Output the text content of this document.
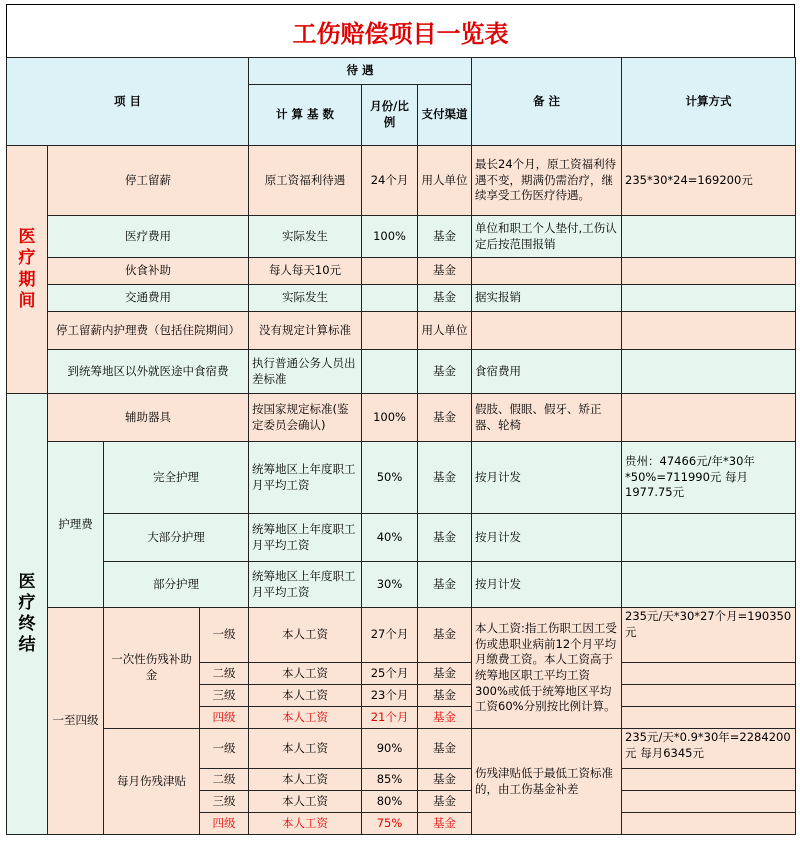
工伤赔偿项目一览表
项 目				待 遇			备 注	计算方式
				计 算 基 数	月份/比例	支付渠道		

医疗期间	停工留薪			原工资福利待遇	24个月	用人单位	最长24个月，原工资福利待遇不变，期满仍需治疗，继续享受工伤医疗待遇。	235*30*24=169200元
	医疗费用			实际发生	100%	基金	单位和职工个人垫付,工伤认定后按范围报销	
	伙食补助			每人每天10元		基金		
	交通费用			实际发生		基金	据实报销	
	停工留薪内护理费（包括住院期间）			没有规定计算标准		用人单位		
	到统筹地区以外就医途中食宿费			执行普通公务人员出差标准		基金	食宿费用	

医疗终结	辅助器具			按国家规定标准(鉴定委员会确认)	100%	基金	假肢、假眼、假牙、矫正器、轮椅	
	护理费	完全护理		统筹地区上年度职工月平均工资	50%	基金	按月计发	贵州：47466元/年*30年*50%=711990元 每月1977.75元
		大部分护理		统筹地区上年度职工月平均工资	40%	基金	按月计发	
		部分护理		统筹地区上年度职工月平均工资	30%	基金	按月计发	
	一至四级	一次性伤残补助金	一级	本人工资	27个月	基金	本人工资:指工伤职工因工受伤或患职业病前12个月平均月缴费工资。本人工资高于统筹地区职工平均工资300%或低于统筹地区平均工资60%分别按比例计算。	235元/天*30*27个月=190350元
			二级	本人工资	25个月	基金		
			三级	本人工资	23个月	基金		
			四级	本人工资	21个月	基金		
		每月伤残津贴	一级	本人工资	90%	基金	伤残津贴低于最低工资标准的，由工伤基金补差	235元/天*0.9*30年=2284200元 每月6345元
			二级	本人工资	85%	基金		
			三级	本人工资	80%	基金		
			四级	本人工资	75%	基金		
